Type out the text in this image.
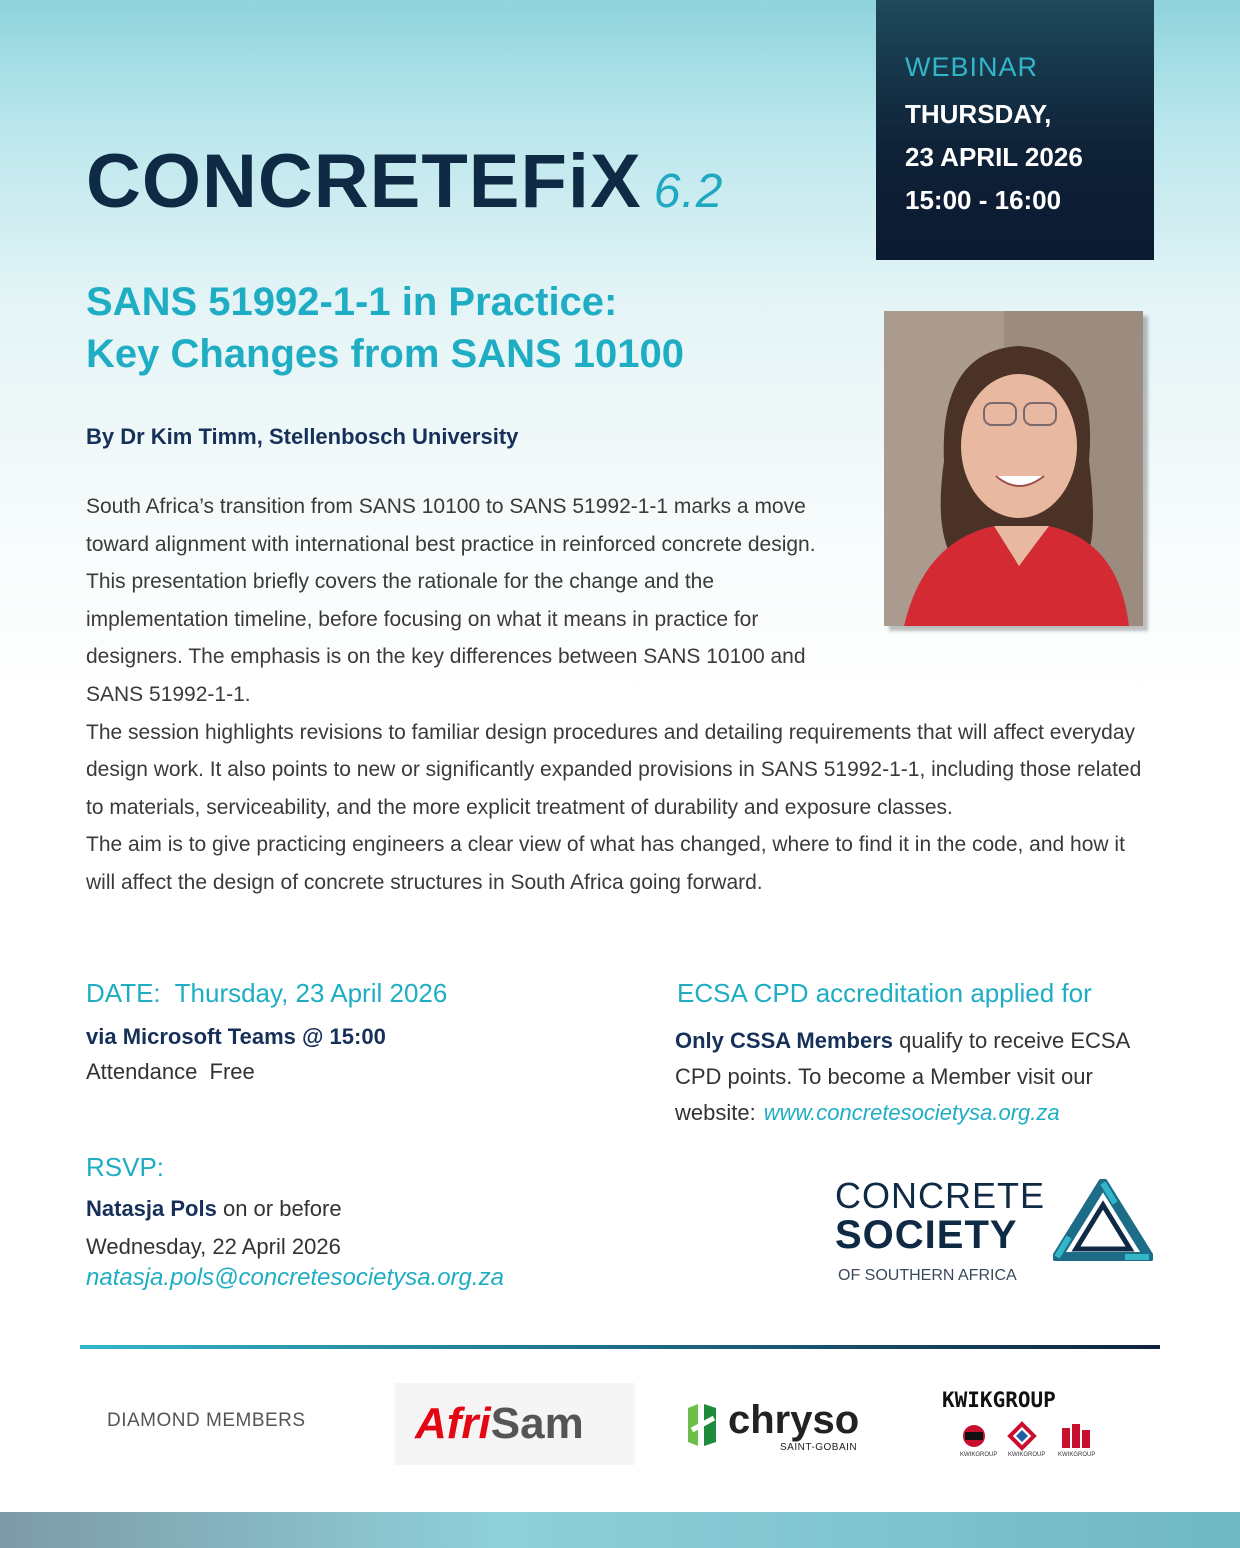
WEBINAR
THURSDAY,
23 APRIL 2026
15:00 - 16:00
CONCRETEFiX 6.2
SANS 51992-1-1 in Practice:
Key Changes from SANS 10100
By Dr Kim Timm, Stellenbosch University

South Africa’s transition from SANS 10100 to SANS 51992-1-1 marks a move toward alignment with international best practice in reinforced concrete design. This presentation briefly covers the rationale for the change and the implementation timeline, before focusing on what it means in practice for designers. The emphasis is on the key differences between SANS 10100 and SANS 51992-1-1.

The session highlights revisions to familiar design procedures and detailing requirements that will affect everyday design work. It also points to new or significantly expanded provisions in SANS 51992-1-1, including those related to materials, serviceability, and the more explicit treatment of durability and exposure classes.

The aim is to give practicing engineers a clear view of what has changed, where to find it in the code, and how it will affect the design of concrete structures in South Africa going forward.

DATE: Thursday, 23 April 2026
via Microsoft Teams @ 15:00
Attendance  Free
ECSA CPD accreditation applied for
Only CSSA Members qualify to receive ECSA CPD points. To become a Member visit our website: www.concretesocietysa.org.za
RSVP:
Natasja Pols on or before
Wednesday, 22 April 2026
natasja.pols@concretesocietysa.org.za
CONCRETE
SOCIETY
OF SOUTHERN AFRICA
DIAMOND MEMBERS AfriSam	chryso
SAINT-GOBAIN
KWIKGROUP
KWIKGROUP KWIKGROUP KWIKGROUP
